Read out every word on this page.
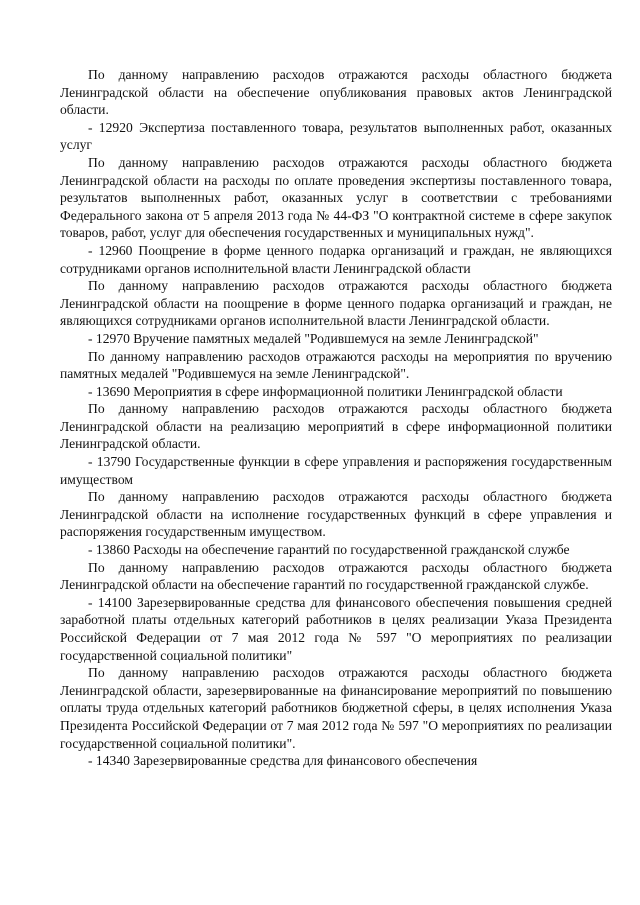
По данному направлению расходов отражаются расходы областного бюджета Ленинградской области на обеспечение опубликования правовых актов Ленинградской области.

- 12920 Экспертиза поставленного товара, результатов выполненных работ, оказанных услуг

По данному направлению расходов отражаются расходы областного бюджета Ленинградской области на расходы по оплате проведения экспертизы поставленного товара, результатов выполненных работ, оказанных услуг в соответствии с требованиями Федерального закона от 5 апреля 2013 года № 44-ФЗ "О контрактной системе в сфере закупок товаров, работ, услуг для обеспечения государственных и муниципальных нужд".

- 12960 Поощрение в форме ценного подарка организаций и граждан, не являющихся сотрудниками органов исполнительной власти Ленинградской области

По данному направлению расходов отражаются расходы областного бюджета Ленинградской области на поощрение в форме ценного подарка организаций и граждан, не являющихся сотрудниками органов исполнительной власти Ленинградской области.

- 12970 Вручение памятных медалей "Родившемуся на земле Ленинградской"

По данному направлению расходов отражаются расходы на мероприятия по вручению памятных медалей "Родившемуся на земле Ленинградской".

- 13690 Мероприятия в сфере информационной политики Ленинградской области

По данному направлению расходов отражаются расходы областного бюджета Ленинградской области на реализацию мероприятий в сфере информационной политики Ленинградской области.

- 13790 Государственные функции в сфере управления и распоряжения государственным имуществом

По данному направлению расходов отражаются расходы областного бюджета Ленинградской области на исполнение государственных функций в сфере управления и распоряжения государственным имуществом.

- 13860 Расходы на обеспечение гарантий по государственной гражданской службе

По данному направлению расходов отражаются расходы областного бюджета Ленинградской области на обеспечение гарантий по государственной гражданской службе.

- 14100 Зарезервированные средства для финансового обеспечения повышения средней заработной платы отдельных категорий работников в целях реализации Указа Президента Российской Федерации от 7 мая 2012 года № 597 "О мероприятиях по реализации государственной социальной политики"

По данному направлению расходов отражаются расходы областного бюджета Ленинградской области, зарезервированные на финансирование мероприятий по повышению оплаты труда отдельных категорий работников бюджетной сферы, в целях исполнения Указа Президента Российской Федерации от 7 мая 2012 года № 597 "О мероприятиях по реализации государственной социальной политики".

- 14340 Зарезервированные средства для финансового обеспечения
